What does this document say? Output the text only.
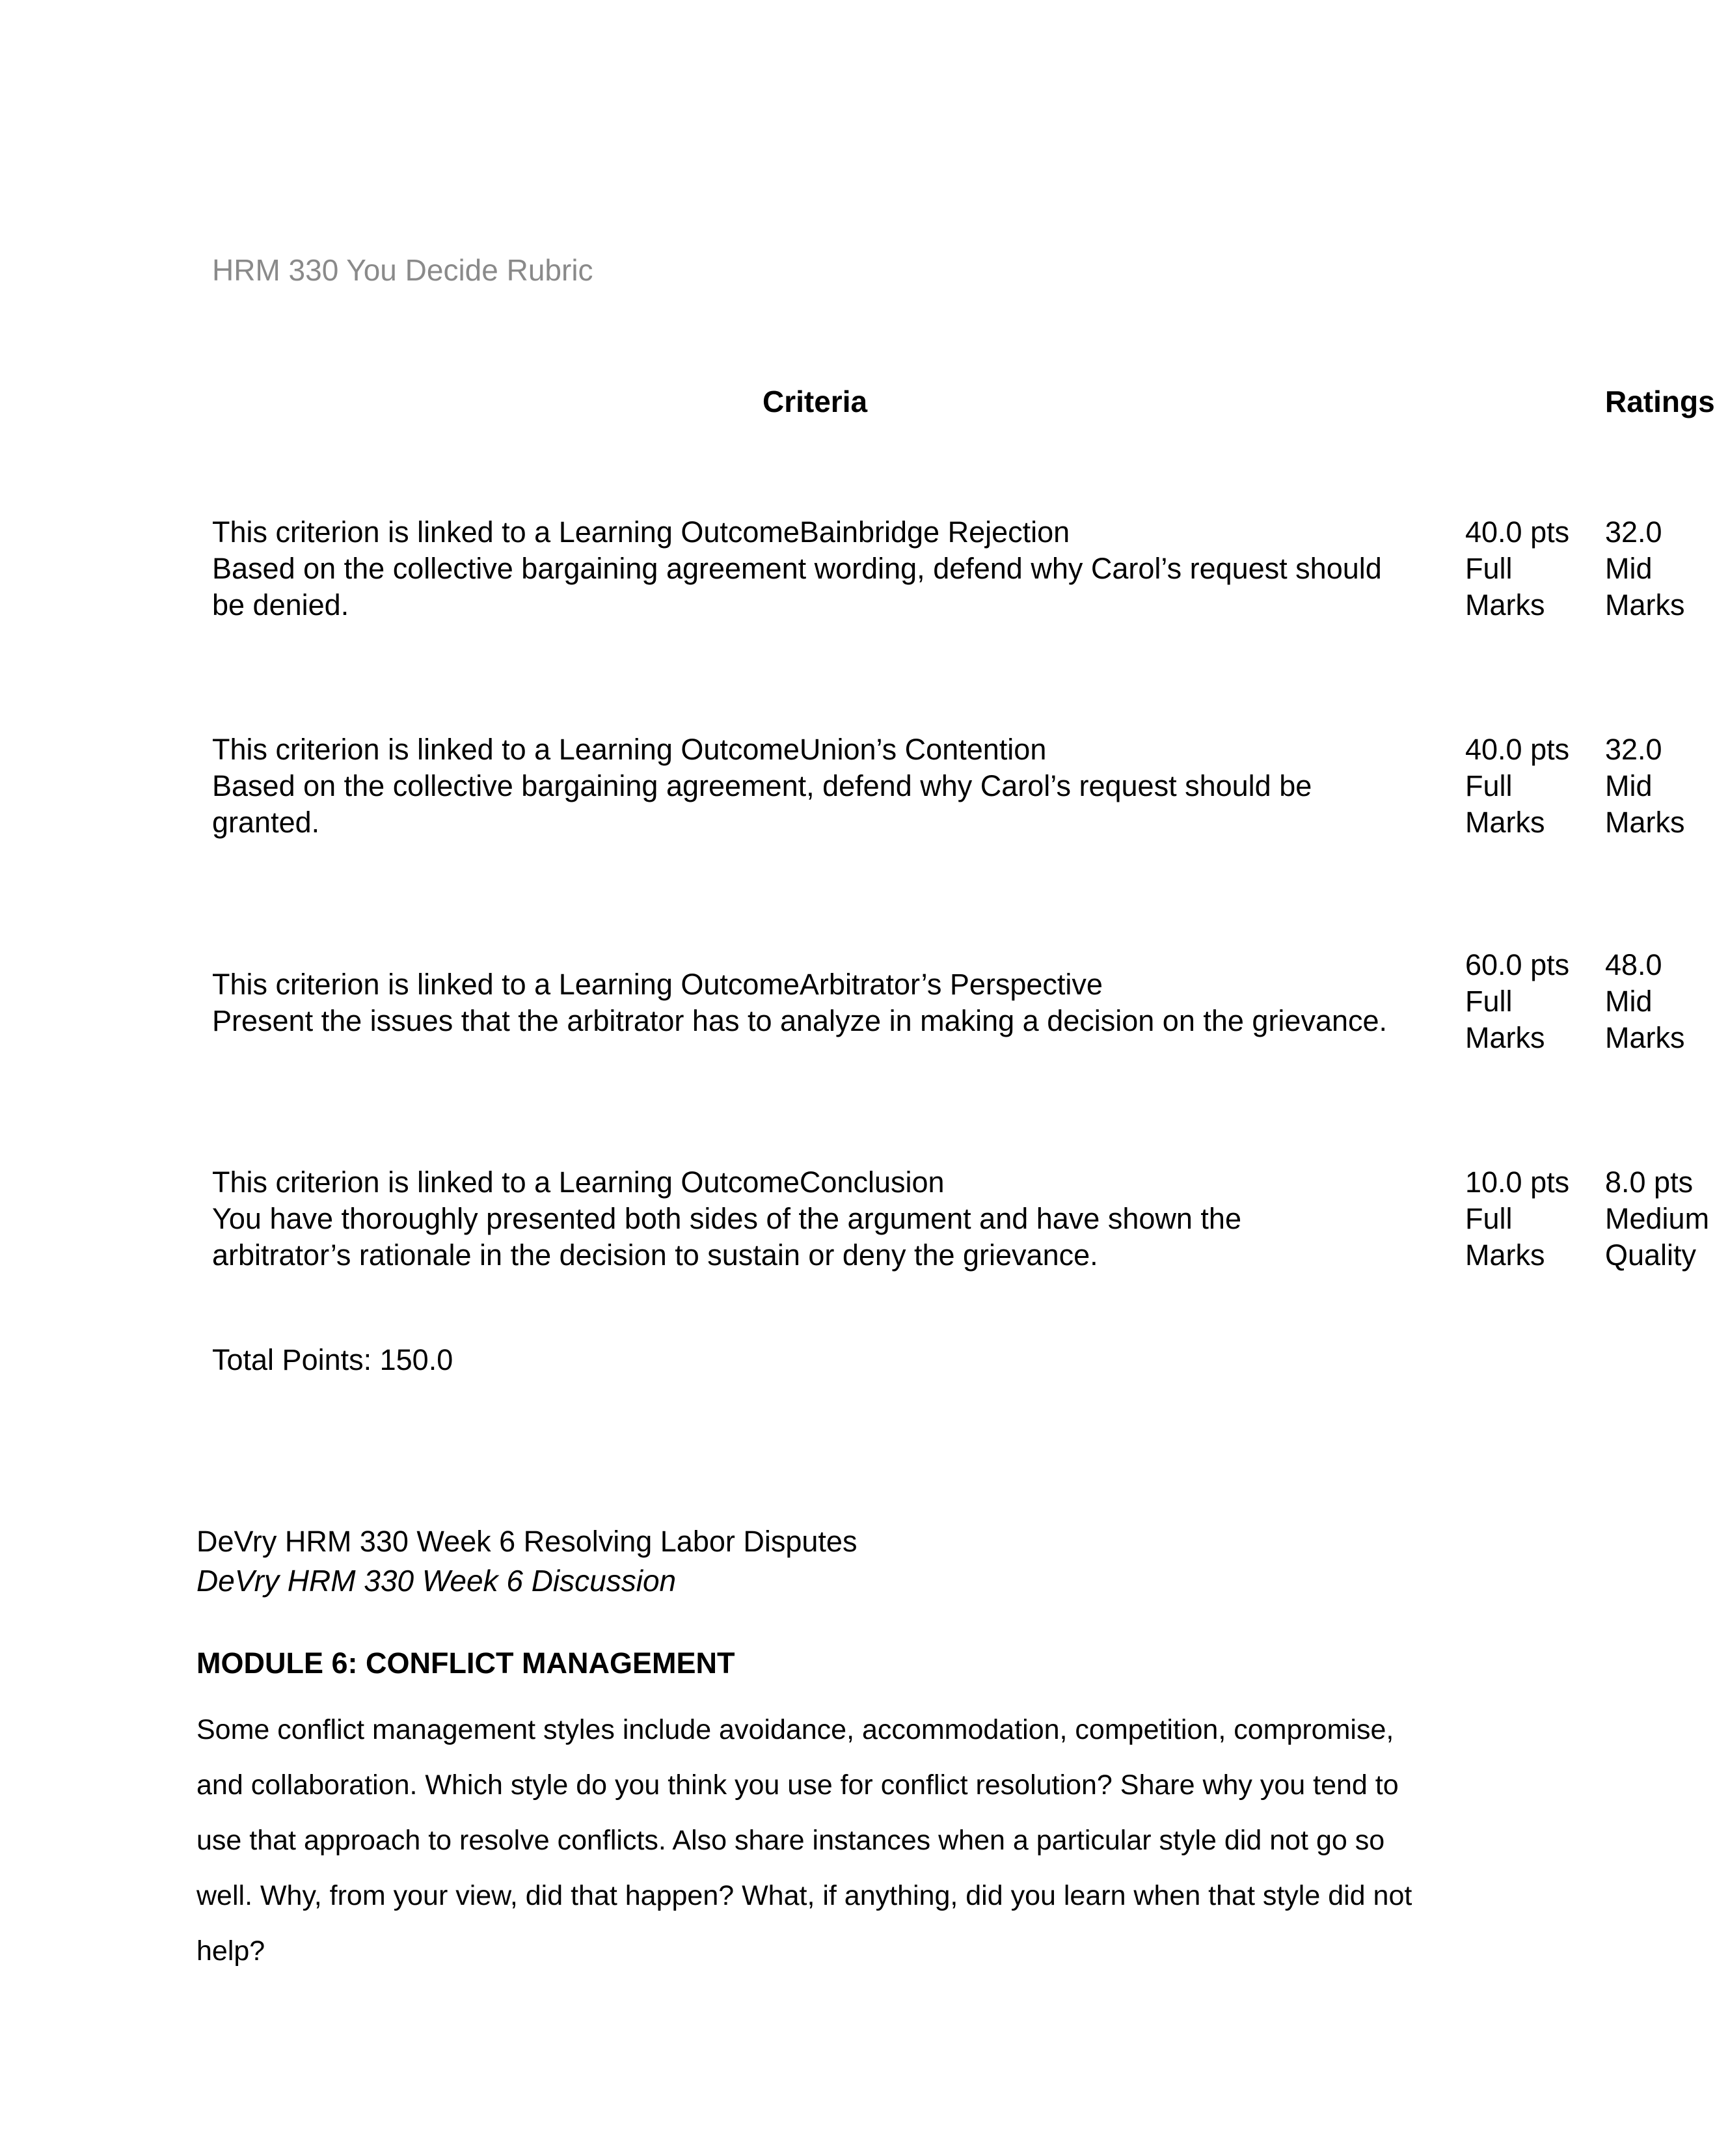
HRM 330 You Decide Rubric
Criteria	Ratings
This criterion is linked to a Learning OutcomeBainbridge Rejection
Based on the collective bargaining agreement wording, defend why Carol’s request should
be denied.
40.0 pts
Full
Marks
32.0
Mid
Marks
This criterion is linked to a Learning OutcomeUnion’s Contention
Based on the collective bargaining agreement, defend why Carol’s request should be
granted.
40.0 pts
Full
Marks
32.0
Mid
Marks
This criterion is linked to a Learning OutcomeArbitrator’s Perspective
Present the issues that the arbitrator has to analyze in making a decision on the grievance.
60.0 pts
Full
Marks
48.0
Mid
Marks
This criterion is linked to a Learning OutcomeConclusion
You have thoroughly presented both sides of the argument and have shown the
arbitrator’s rationale in the decision to sustain or deny the grievance.
10.0 pts
Full
Marks
8.0 pts
Medium
Quality
Total Points: 150.0
DeVry HRM 330 Week 6 Resolving Labor Disputes
DeVry HRM 330 Week 6 Discussion
MODULE 6: CONFLICT MANAGEMENT
Some conflict management styles include avoidance, accommodation, competition, compromise,
and collaboration. Which style do you think you use for conflict resolution? Share why you tend to
use that approach to resolve conflicts. Also share instances when a particular style did not go so
well. Why, from your view, did that happen? What, if anything, did you learn when that style did not
help?
